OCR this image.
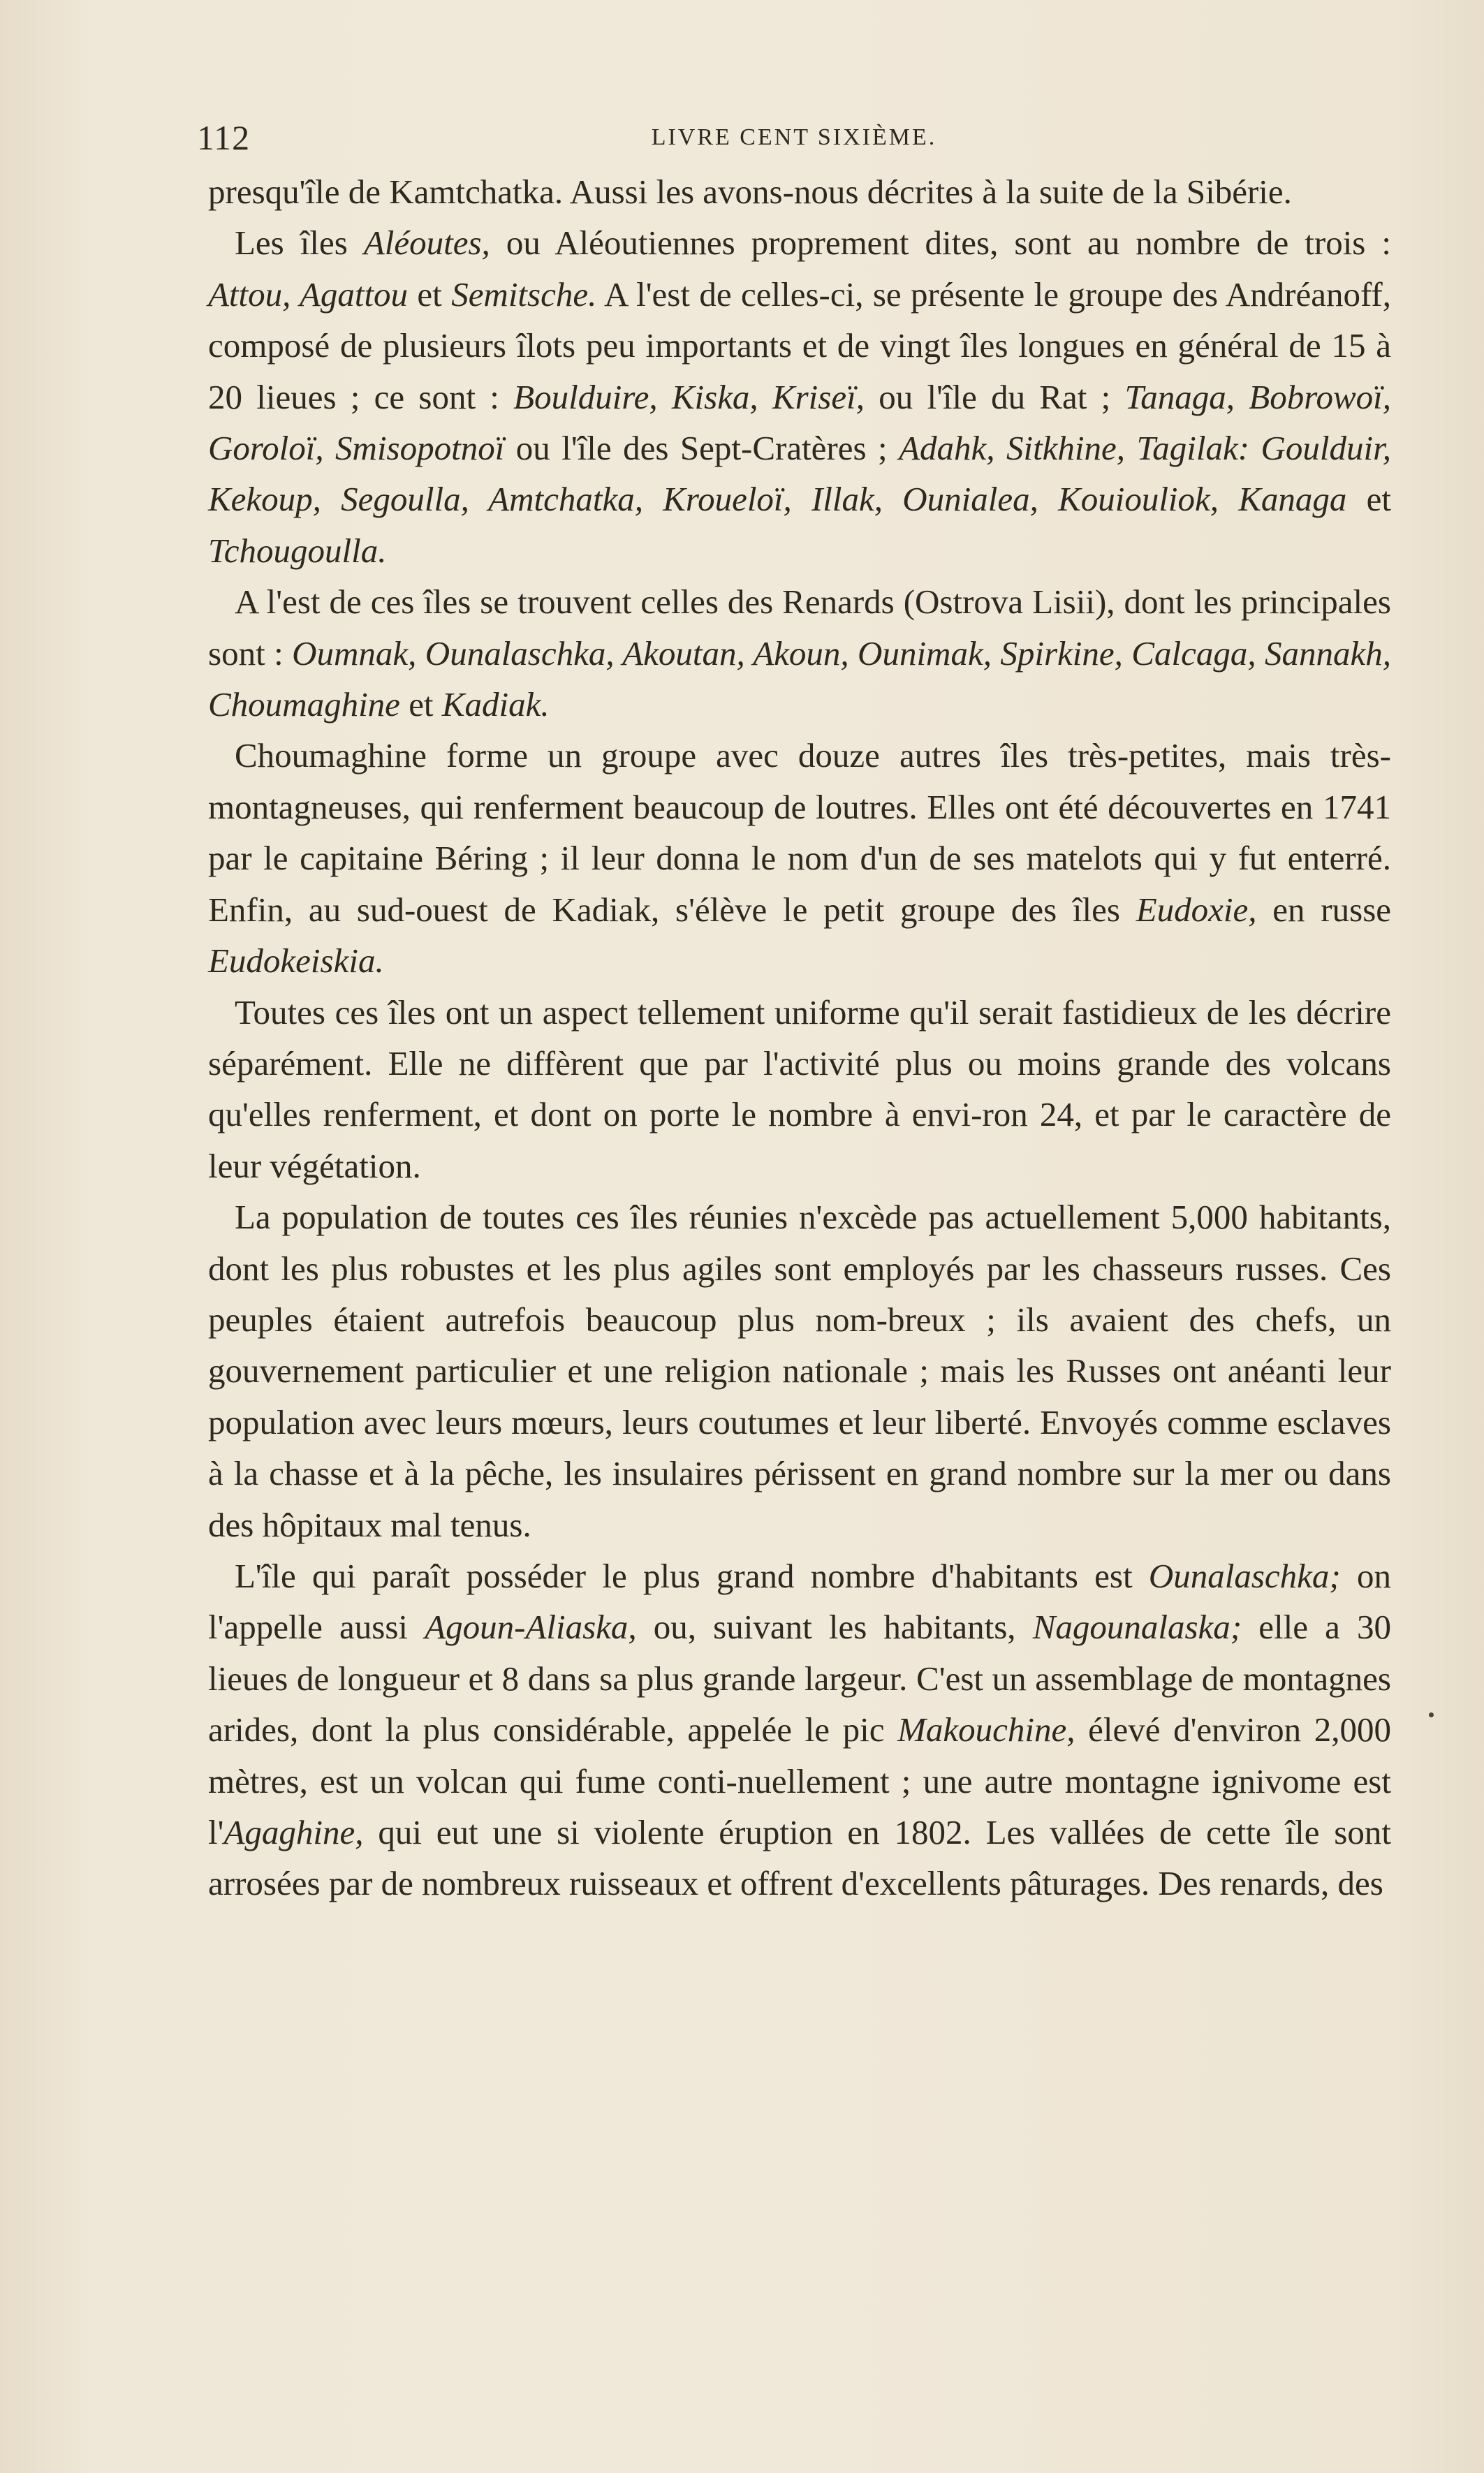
112	LIVRE CENT SIXIÈME.

presqu'île de Kamtchatka. Aussi les avons-nous décrites à la suite de la Sibérie.

Les îles Aléoutes, ou Aléoutiennes proprement dites, sont au nombre de trois : Attou, Agattou et Semitsche. A l'est de celles-ci, se présente le groupe des Andréanoff, composé de plusieurs îlots peu importants et de vingt îles longues en général de 15 à 20 lieues ; ce sont : Boulduire, Kiska, Kriseï, ou l'île du Rat ; Tanaga, Bobrowoï, Goroloï, Smisopotnoï ou l'île des Sept-Cratères ; Adahk, Sitkhine, Tagilak: Goulduir, Kekoup, Segoulla, Amtchatka, Kroueloï, Illak, Ounialea, Kouiouliok, Kanaga et Tchougoulla.

A l'est de ces îles se trouvent celles des Renards (Ostrova Lisii), dont les principales sont : Oumnak, Ounalaschka, Akoutan, Akoun, Ounimak, Spirkine, Calcaga, Sannakh, Choumaghine et Kadiak.

Choumaghine forme un groupe avec douze autres îles très-petites, mais très-montagneuses, qui renferment beaucoup de loutres. Elles ont été découvertes en 1741 par le capitaine Béring ; il leur donna le nom d'un de ses matelots qui y fut enterré. Enfin, au sud-ouest de Kadiak, s'élève le petit groupe des îles Eudoxie, en russe Eudokeiskia.

Toutes ces îles ont un aspect tellement uniforme qu'il serait fastidieux de les décrire séparément. Elle ne diffèrent que par l'activité plus ou moins grande des volcans qu'elles renferment, et dont on porte le nombre à envi-ron 24, et par le caractère de leur végétation.

La population de toutes ces îles réunies n'excède pas actuellement 5,000 habitants, dont les plus robustes et les plus agiles sont employés par les chasseurs russes. Ces peuples étaient autrefois beaucoup plus nom-breux ; ils avaient des chefs, un gouvernement particulier et une religion nationale ; mais les Russes ont anéanti leur population avec leurs mœurs, leurs coutumes et leur liberté. Envoyés comme esclaves à la chasse et à la pêche, les insulaires périssent en grand nombre sur la mer ou dans des hôpitaux mal tenus.

L'île qui paraît posséder le plus grand nombre d'habitants est Ounalaschka; on l'appelle aussi Agoun-Aliaska, ou, suivant les habitants, Nagounalaska; elle a 30 lieues de longueur et 8 dans sa plus grande largeur. C'est un assemblage de montagnes arides, dont la plus considérable, appelée le pic Makouchine, élevé d'environ 2,000 mètres, est un volcan qui fume conti-nuellement ; une autre montagne ignivome est l'Agaghine, qui eut une si violente éruption en 1802. Les vallées de cette île sont arrosées par de nombreux ruisseaux et offrent d'excellents pâturages. Des renards, des
